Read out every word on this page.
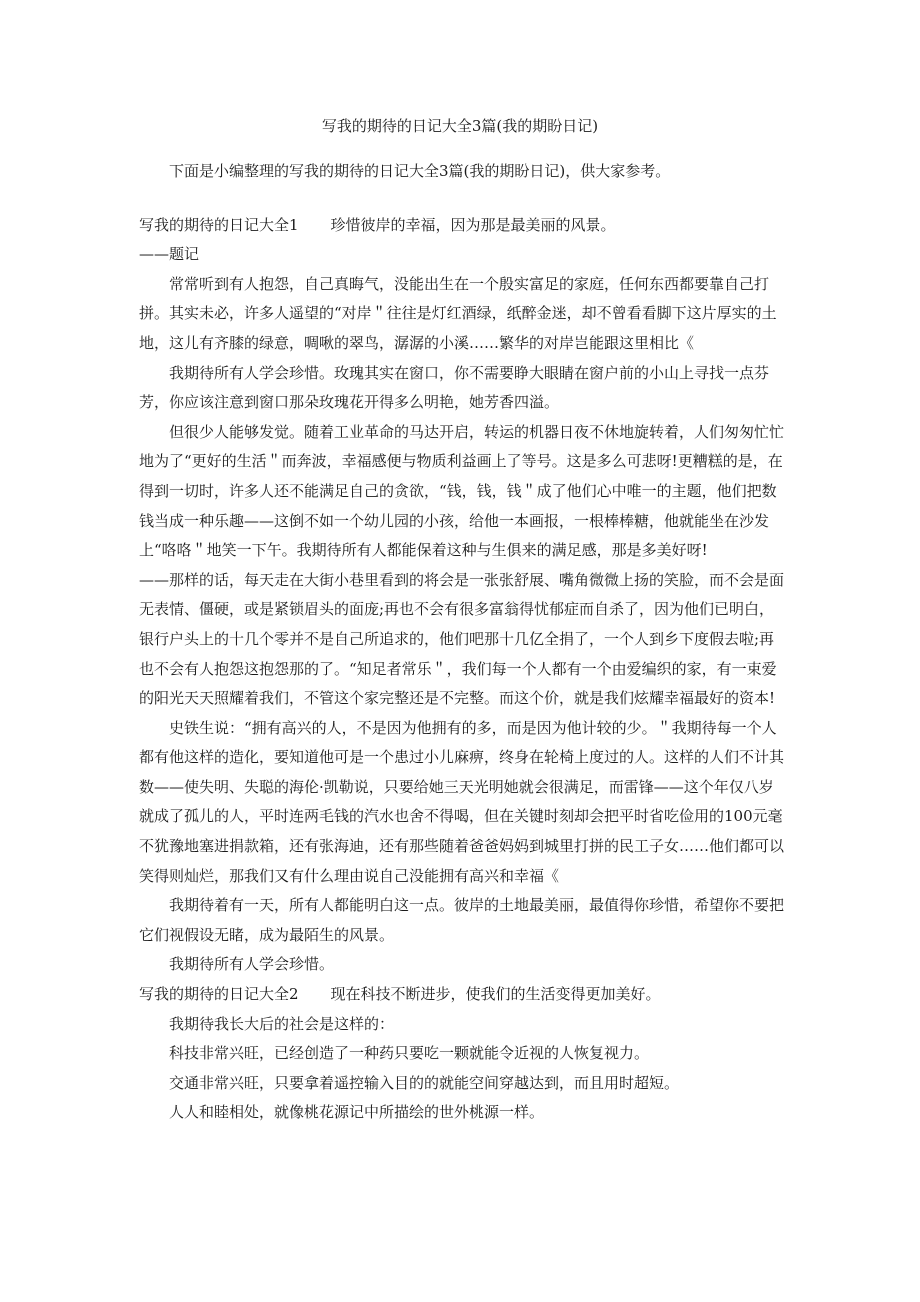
写我的期待的日记大全3篇(我的期盼日记)

下面是小编整理的写我的期待的日记大全3篇(我的期盼日记)，供大家参考。

写我的期待的日记大全1 珍惜彼岸的幸福，因为那是最美丽的风景。

——题记

常常听到有人抱怨，自己真晦气，没能出生在一个殷实富足的家庭，任何东西都要靠自己打拼。其实未必，许多人遥望的“对岸＂往往是灯红酒绿，纸醉金迷，却不曾看看脚下这片厚实的土地，这儿有齐膝的绿意，啁啾的翠鸟，潺潺的小溪……繁华的对岸岂能跟这里相比《

我期待所有人学会珍惜。玫瑰其实在窗口，你不需要睁大眼睛在窗户前的小山上寻找一点芬芳，你应该注意到窗口那朵玫瑰花开得多么明艳，她芳香四溢。

但很少人能够发觉。随着工业革命的马达开启，转运的机器日夜不休地旋转着，人们匆匆忙忙地为了“更好的生活＂而奔波，幸福感便与物质利益画上了等号。这是多么可悲呀!更糟糕的是，在得到一切时，许多人还不能满足自己的贪欲，“钱，钱，钱＂成了他们心中唯一的主题，他们把数钱当成一种乐趣——这倒不如一个幼儿园的小孩，给他一本画报，一根棒棒糖，他就能坐在沙发上“咯咯＂地笑一下午。我期待所有人都能保着这种与生俱来的满足感，那是多美好呀!

——那样的话，每天走在大街小巷里看到的将会是一张张舒展、嘴角微微上扬的笑脸，而不会是面无表情、僵硬，或是紧锁眉头的面庞;再也不会有很多富翁得忧郁症而自杀了，因为他们已明白，银行户头上的十几个零并不是自己所追求的，他们吧那十几亿全捐了，一个人到乡下度假去啦;再也不会有人抱怨这抱怨那的了。“知足者常乐＂，我们每一个人都有一个由爱编织的家，有一束爱的阳光天天照耀着我们，不管这个家完整还是不完整。而这个价，就是我们炫耀幸福最好的资本!

史铁生说：“拥有高兴的人，不是因为他拥有的多，而是因为他计较的少。＂我期待每一个人都有他这样的造化，要知道他可是一个患过小儿麻痹，终身在轮椅上度过的人。这样的人们不计其数——使失明、失聪的海伦·凯勒说，只要给她三天光明她就会很满足，而雷锋——这个年仅八岁就成了孤儿的人，平时连两毛钱的汽水也舍不得喝，但在关键时刻却会把平时省吃俭用的100元毫不犹豫地塞进捐款箱，还有张海迪，还有那些随着爸爸妈妈到城里打拼的民工子女……他们都可以笑得则灿烂，那我们又有什么理由说自己没能拥有高兴和幸福《

我期待着有一天，所有人都能明白这一点。彼岸的土地最美丽，最值得你珍惜，希望你不要把它们视假设无睹，成为最陌生的风景。

我期待所有人学会珍惜。

写我的期待的日记大全2 现在科技不断进步，使我们的生活变得更加美好。

我期待我长大后的社会是这样的：

科技非常兴旺，已经创造了一种药只要吃一颗就能令近视的人恢复视力。

交通非常兴旺，只要拿着遥控输入目的的就能空间穿越达到，而且用时超短。

人人和睦相处，就像桃花源记中所描绘的世外桃源一样。
